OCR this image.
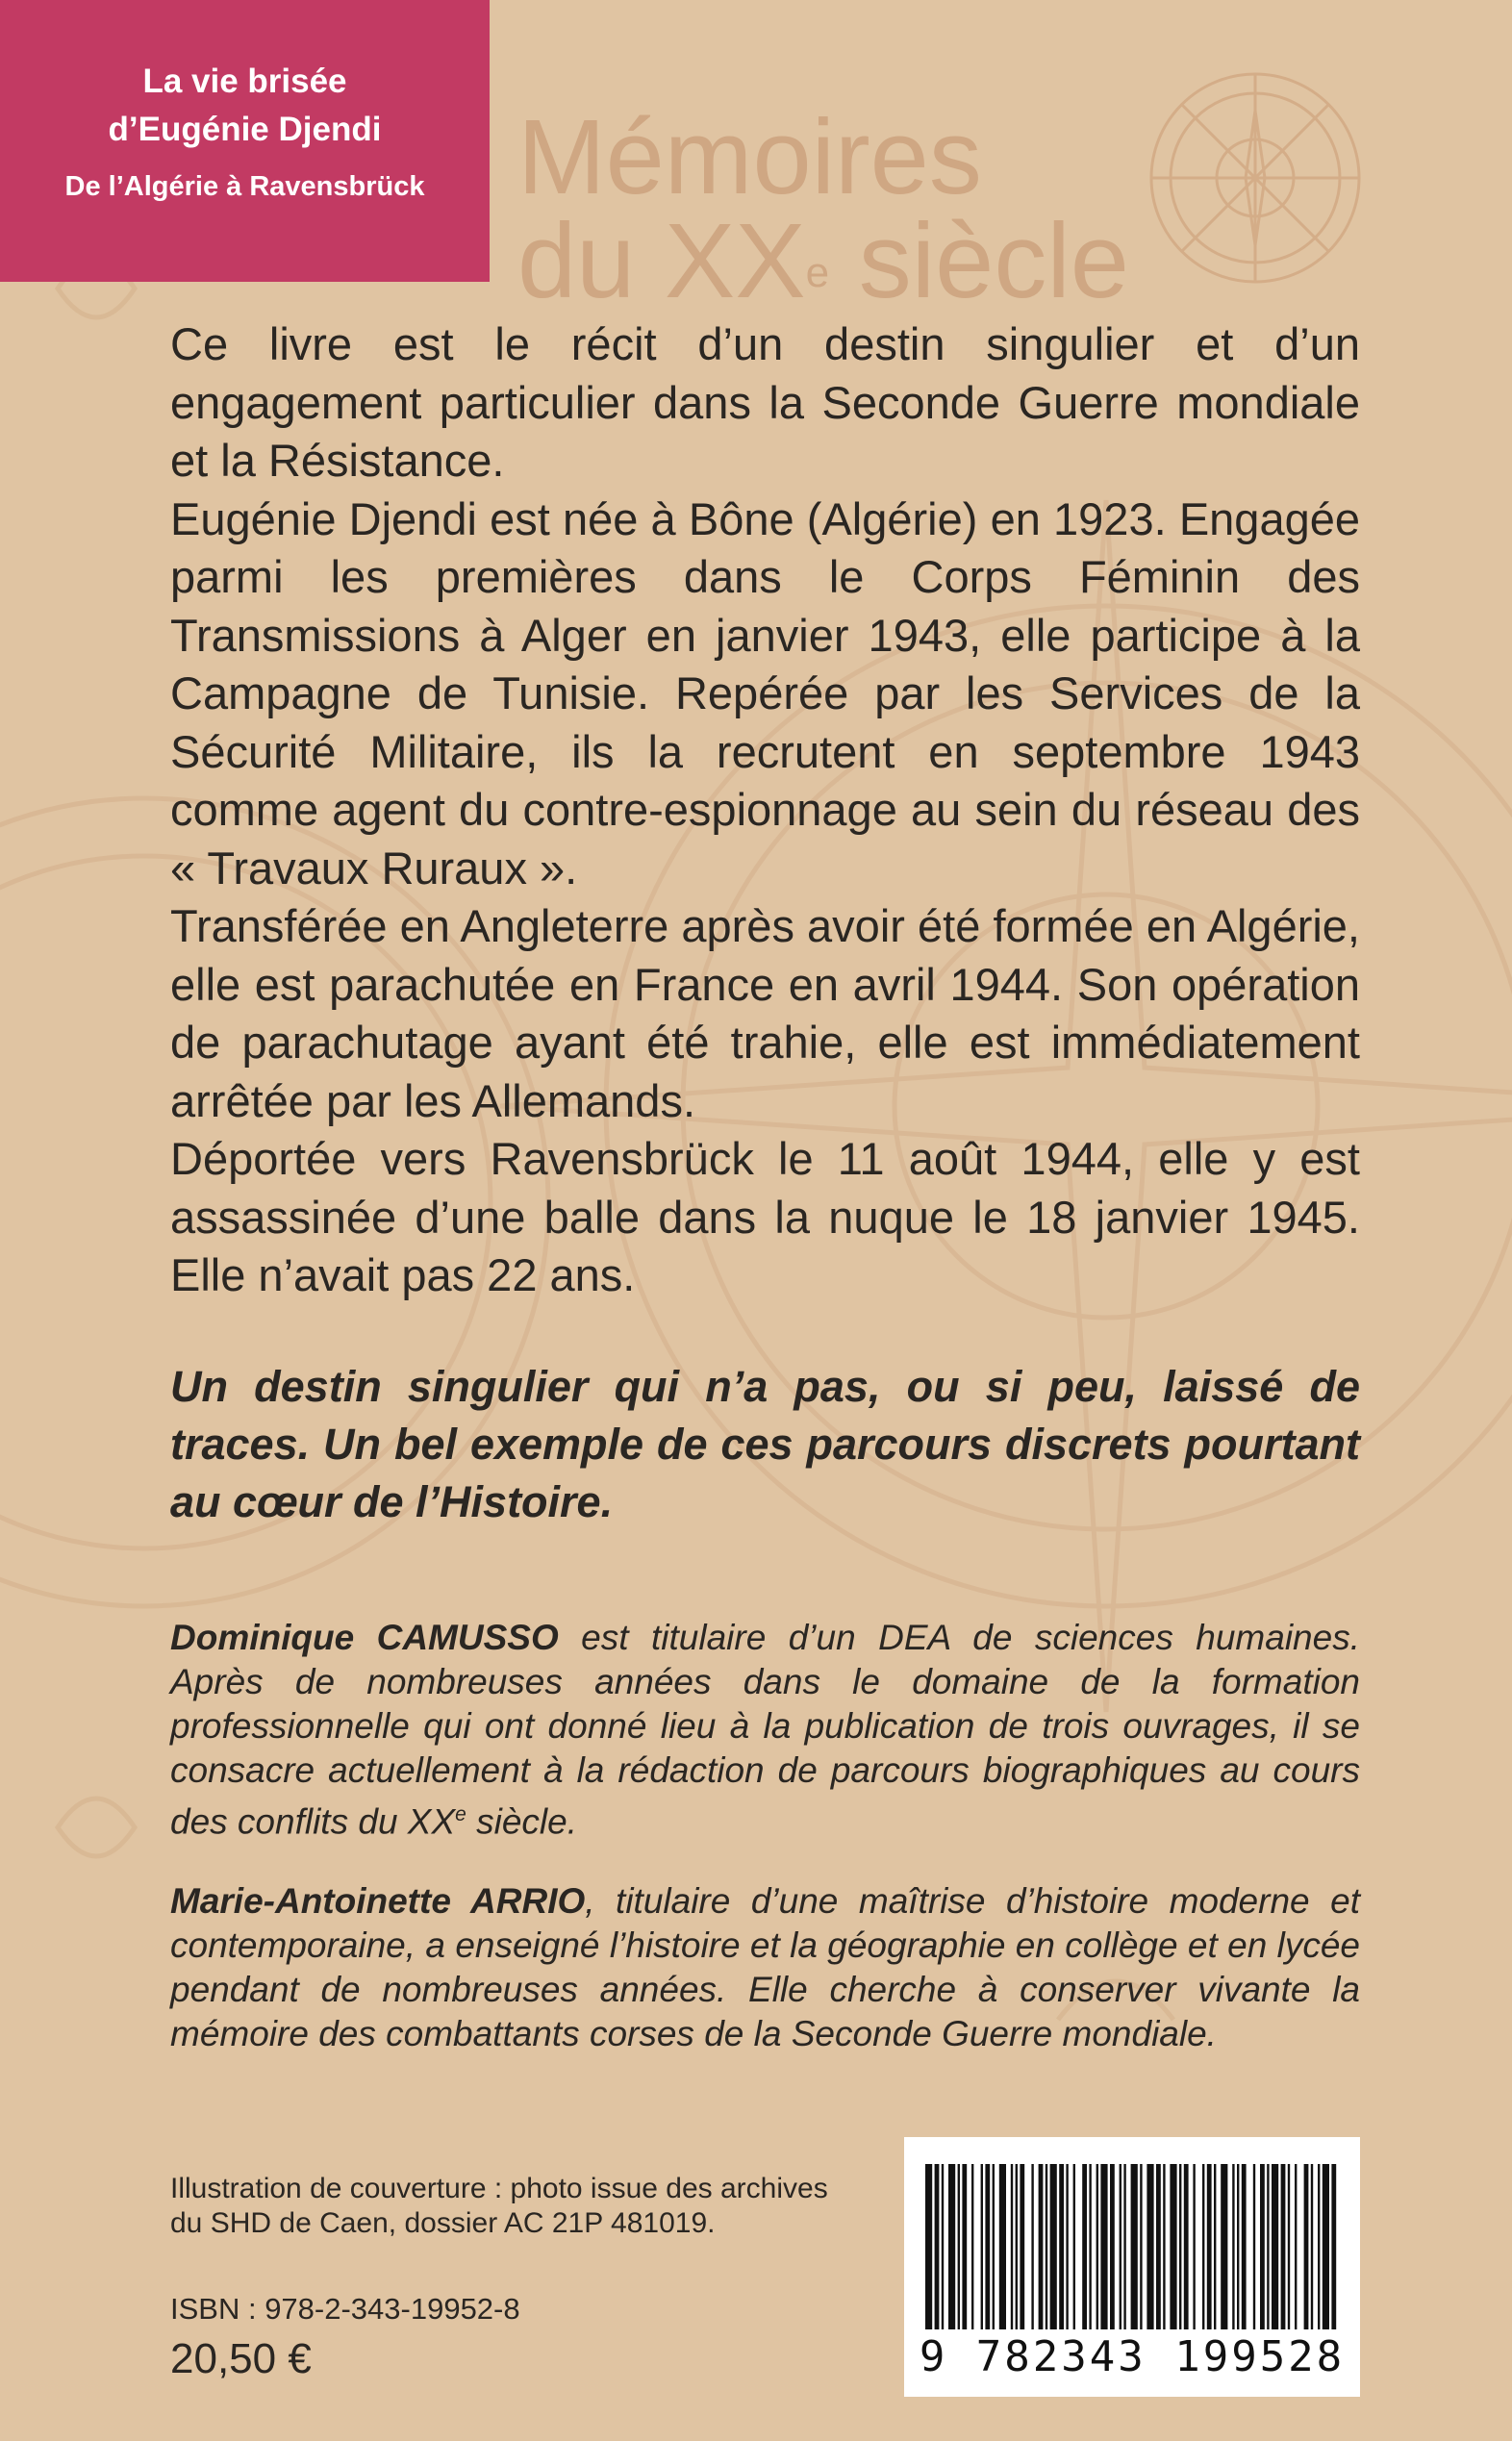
La vie brisée
d’Eugénie Djendi
De l’Algérie à Ravensbrück Mémoires
du XXe siècle

Ce livre est le récit d’un destin singulier et d’un engagement particulier dans la Seconde Guerre mondiale et la Résistance.

Eugénie Djendi est née à Bône (Algérie) en 1923. Engagée parmi les premières dans le Corps Féminin des Transmissions à Alger en janvier 1943, elle participe à la Campagne de Tunisie. Repérée par les Services de la Sécurité Militaire, ils la recrutent en septembre 1943 comme agent du contre-espionnage au sein du réseau des « Travaux Ruraux ».

Transférée en Angleterre après avoir été formée en Algérie, elle est parachutée en France en avril 1944. Son opération de parachutage ayant été trahie, elle est immédiatement arrêtée par les Allemands.

Déportée vers Ravensbrück le 11 août 1944, elle y est assassinée d’une balle dans la nuque le 18 janvier 1945. Elle n’avait pas 22 ans.

Un destin singulier qui n’a pas, ou si peu, laissé de traces. Un bel exemple de ces parcours discrets pourtant au cœur de l’Histoire.

Dominique CAMUSSO est titulaire d’un DEA de sciences humaines. Après de nombreuses années dans le domaine de la formation professionnelle qui ont donné lieu à la publication de trois ouvrages, il se consacre actuellement à la rédaction de parcours biographiques au cours des conflits du XXe siècle.

Marie-Antoinette ARRIO, titulaire d’une maîtrise d’histoire moderne et contemporaine, a enseigné l’histoire et la géographie en collège et en lycée pendant de nombreuses années. Elle cherche à conserver vivante la mémoire des combattants corses de la Seconde Guerre mondiale.

Illustration de couverture : photo issue des archives
du SHD de Caen, dossier AC 21P 481019.
ISBN : 978-2-343-19952-8
20,50 €	9 782343 199528
